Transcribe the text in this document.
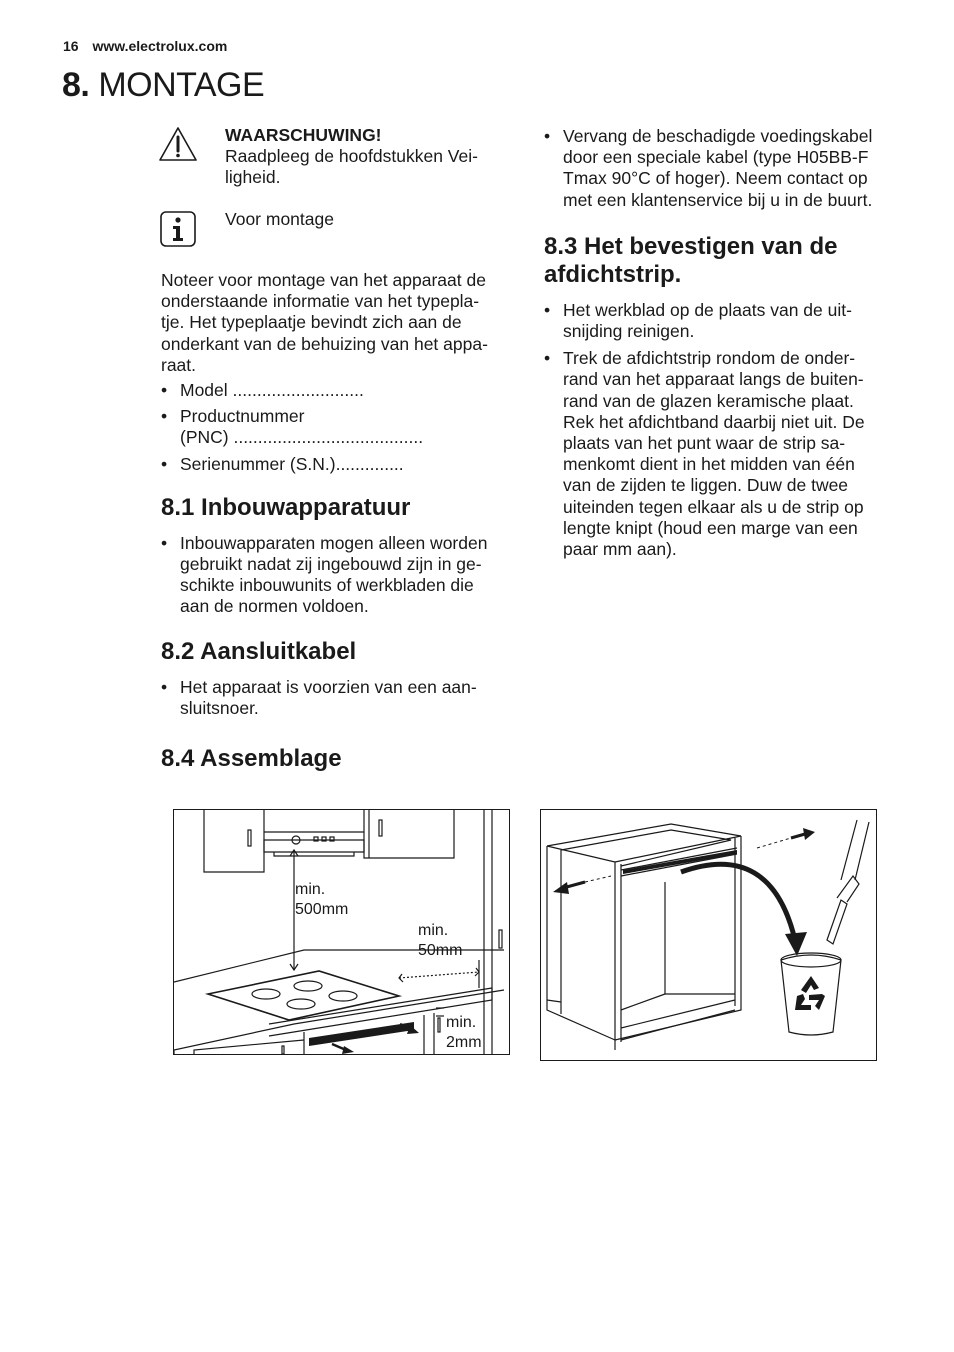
16 www.electrolux.com
8. MONTAGE
WAARSCHUWING!
Raadpleeg de hoofdstukken Vei-
ligheid.
Voor montage

Noteer voor montage van het apparaat de
onderstaande informatie van het typepla-
tje. Het typeplaatje bevindt zich aan de
onderkant van de behuizing van het appa-
raat.

• Model ...........................
• Productnummer
(PNC) .......................................
• Serienummer (S.N.)..............
8.1 Inbouwapparatuur
• Inbouwapparaten mogen alleen worden
gebruikt nadat zij ingebouwd zijn in ge-
schikte inbouwunits of werkbladen die
aan de normen voldoen.
8.2 Aansluitkabel
• Het apparaat is voorzien van een aan-
sluitsnoer.
8.4 Assemblage
• Vervang de beschadigde voedingskabel
door een speciale kabel (type H05BB-F
Tmax 90°C of hoger). Neem contact op
met een klantenservice bij u in de buurt.
8.3 Het bevestigen van de
afdichtstrip.
• Het werkblad op de plaats van de uit-
snijding reinigen.
• Trek de afdichtstrip rondom de onder-
rand van het apparaat langs de buiten-
rand van de glazen keramische plaat.
Rek het afdichtband daarbij niet uit. De
plaats van het punt waar de strip sa-
menkomt dient in het midden van één
van de zijden te liggen. Duw de twee
uiteinden tegen elkaar als u de strip op
lengte knipt (houd een marge van een
paar mm aan).
min.
500mm
min.
50mm
min.
2mm
